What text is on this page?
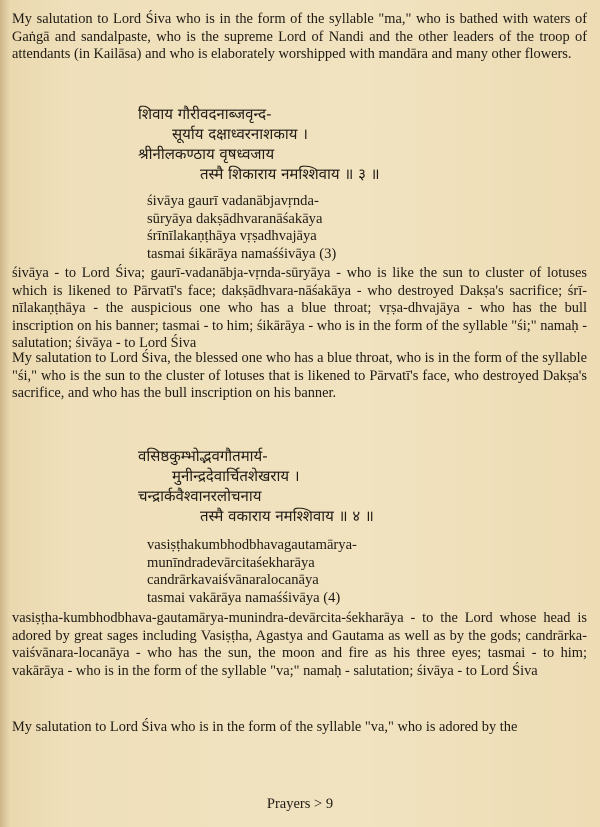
My salutation to Lord Śiva who is in the form of the syllable "ma," who is bathed with waters of Gaṅgā and sandalpaste, who is the supreme Lord of Nandi and the other leaders of the troop of attendants (in Kailāsa) and who is elaborately worshipped with mandāra and many other flowers.

शिवाय गौरीवदनाब्जवृन्द-
सूर्याय दक्षाध्वरनाशकाय ।
श्रीनीलकण्ठाय वृषध्वजाय
तस्मै शिकाराय नमश्शिवाय ॥ ३ ॥
śivāya gaurī vadanābjavṛnda-
sūryāya dakṣādhvaranāśakāya
śrīnīlakaṇṭhāya vṛṣadhvajāya
tasmai śikārāya namaśśivāya (3)

śivāya - to Lord Śiva; gaurī-vadanābja-vṛnda-sūryāya - who is like the sun to cluster of lotuses which is likened to Pārvatī's face; dakṣādhvara-nāśakāya - who destroyed Dakṣa's sacrifice; śrī-nīlakaṇṭhāya - the auspicious one who has a blue throat; vṛṣa-dhvajāya - who has the bull inscription on his banner; tasmai - to him; śikārāya - who is in the form of the syllable "śi;" namaḥ - salutation; śivāya - to Lord Śiva

My salutation to Lord Śiva, the blessed one who has a blue throat, who is in the form of the syllable "śi," who is the sun to the cluster of lotuses that is likened to Pārvatī's face, who destroyed Dakṣa's sacrifice, and who has the bull inscription on his banner.

वसिष्ठकुम्भोद्भवगौतमार्य-
मुनीन्द्रदेवार्चितशेखराय ।
चन्द्रार्कवैश्वानरलोचनाय
तस्मै वकाराय नमश्शिवाय ॥ ४ ॥
vasiṣṭhakumbhodbhavagautamārya-
munīndradevārcitaśekharāya
candrārkavaiśvānaralocanāya
tasmai vakārāya namaśśivāya (4)

vasiṣṭha-kumbhodbhava-gautamārya-munindra-devārcita-śekharāya - to the Lord whose head is adored by great sages including Vasiṣṭha, Agastya and Gautama as well as by the gods; candrārka-vaiśvānara-locanāya - who has the sun, the moon and fire as his three eyes; tasmai - to him; vakārāya - who is in the form of the syllable "va;" namaḥ - salutation; śivāya - to Lord Śiva

My salutation to Lord Śiva who is in the form of the syllable "va," who is adored by the

Prayers > 9
